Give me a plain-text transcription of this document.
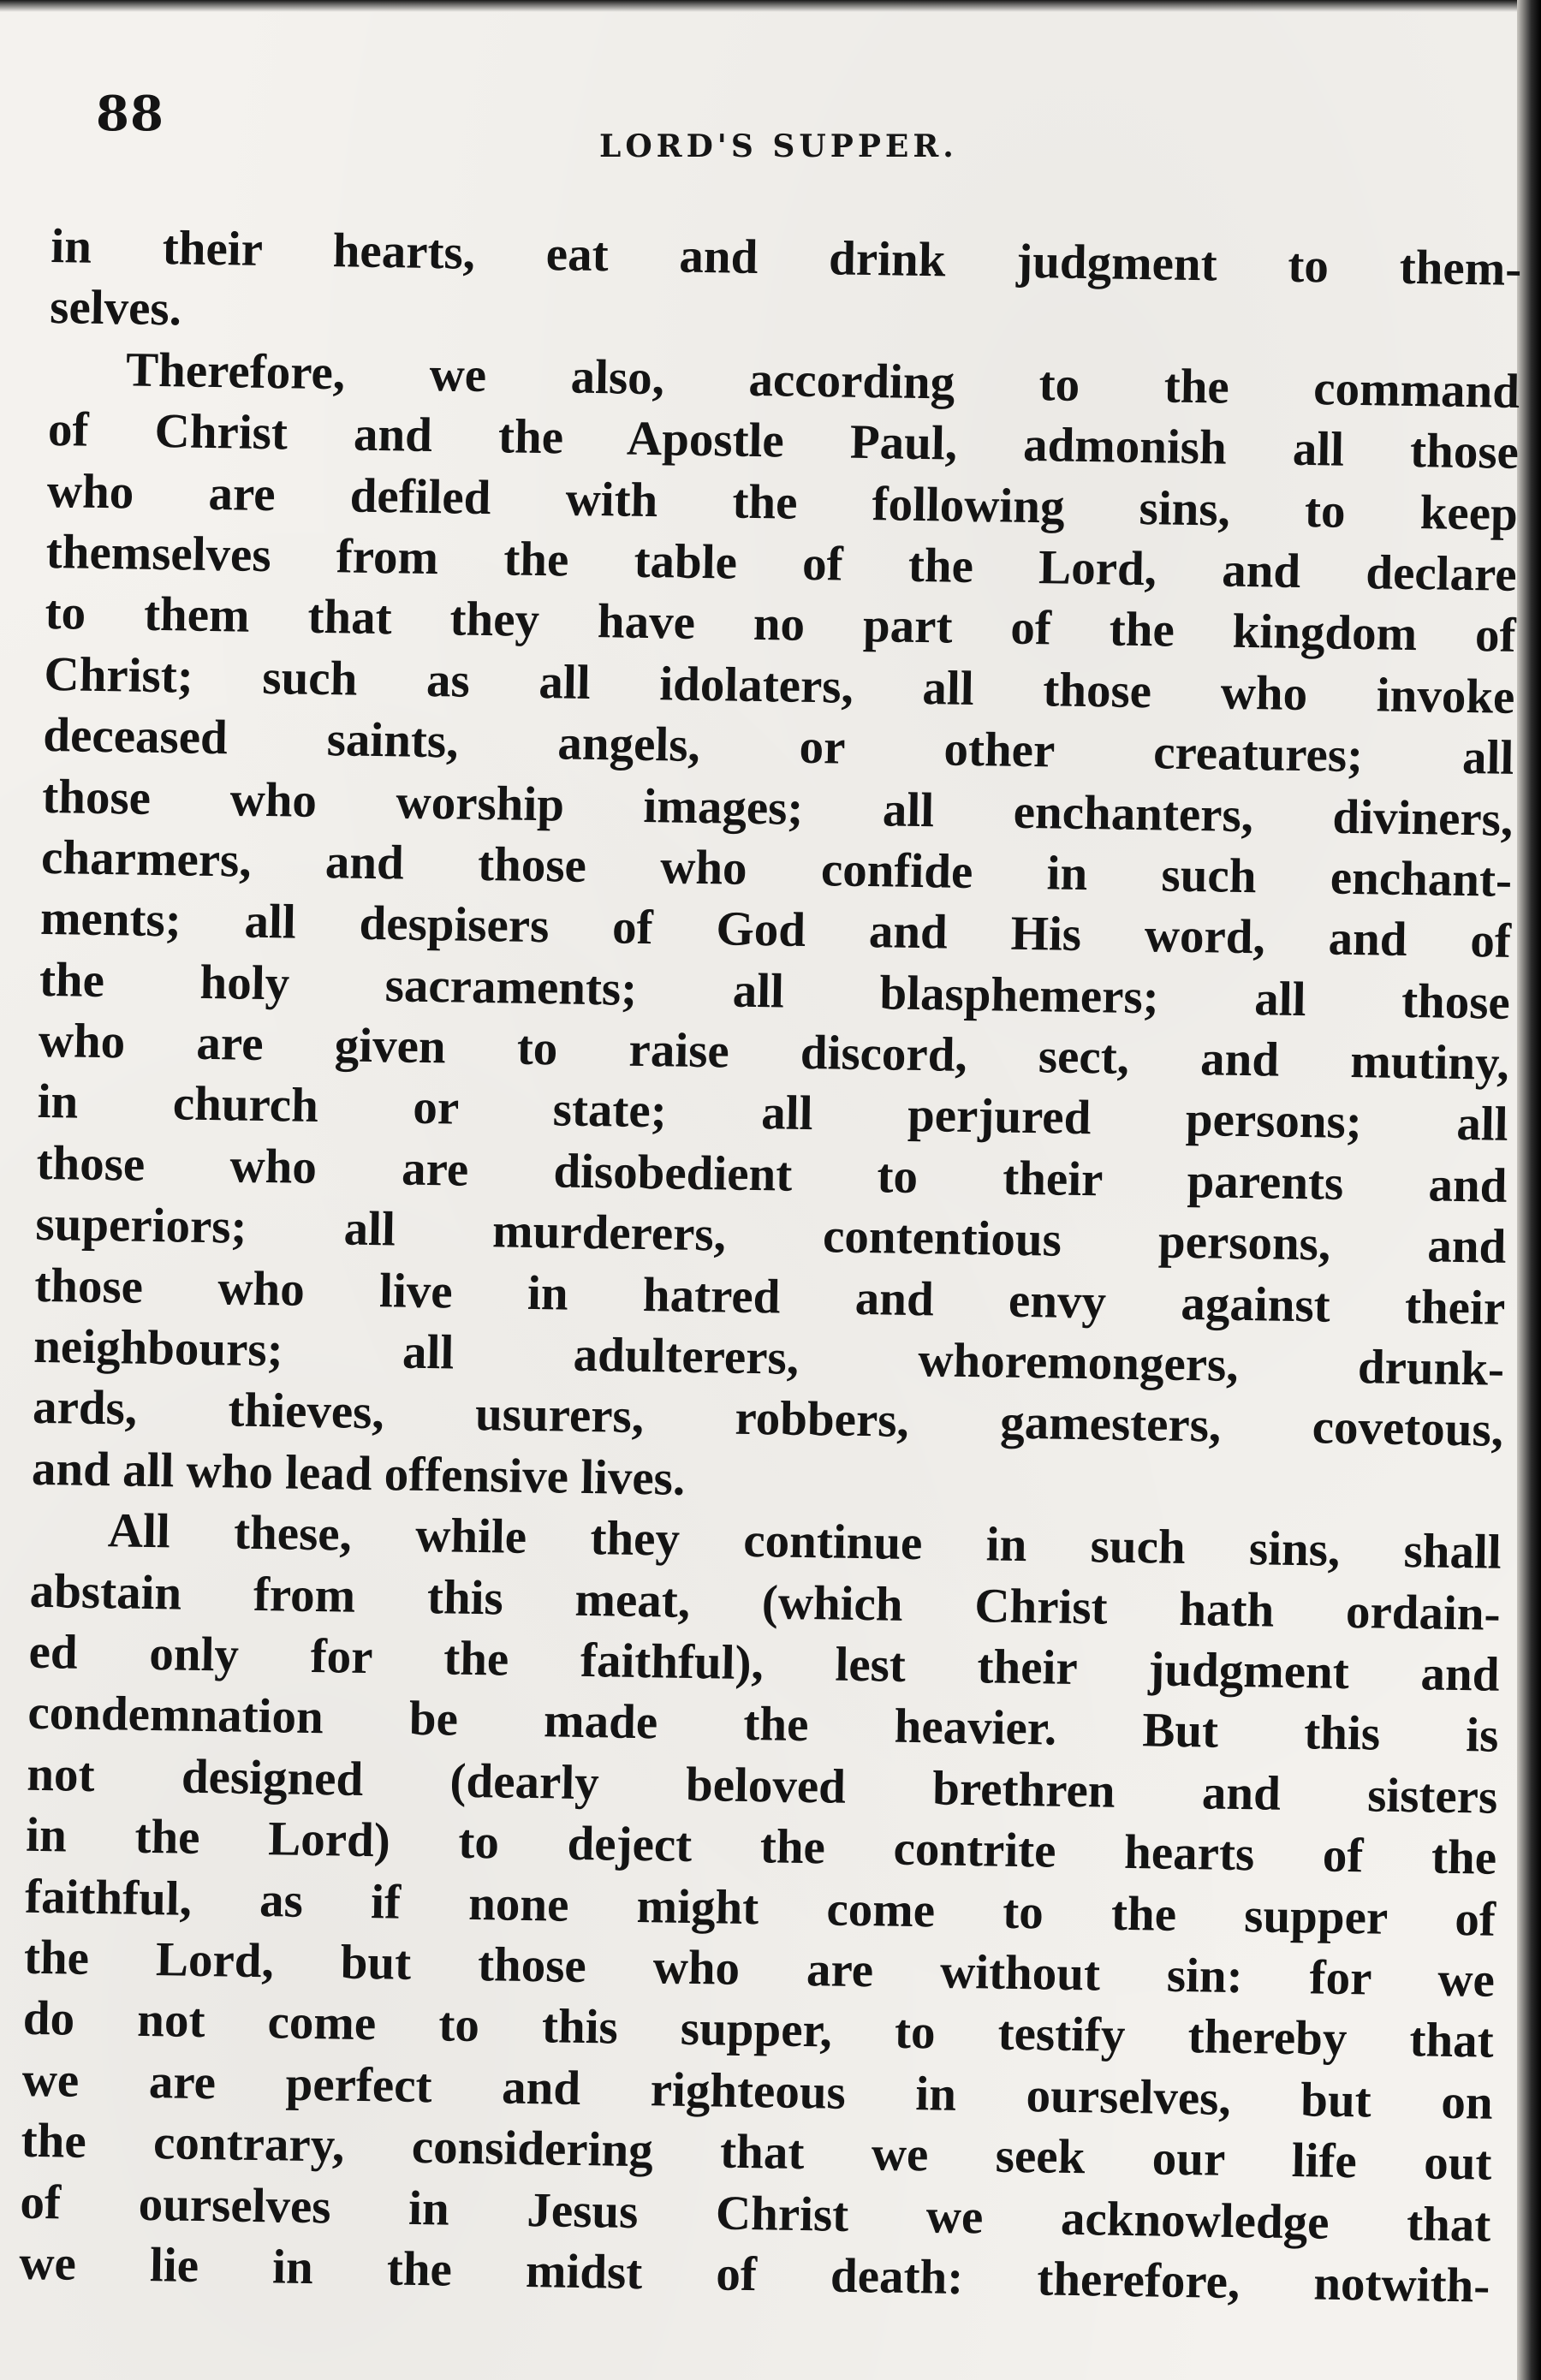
88
LORD'S SUPPER.
in their hearts, eat and drink judgment to them-
selves.
Therefore, we also, according to the command
of Christ and the Apostle Paul, admonish all those
who are defiled with the following sins, to keep
themselves from the table of the Lord, and declare
to them that they have no part of the kingdom of
Christ; such as all idolaters, all those who invoke
deceased saints, angels, or other creatures; all
those who worship images; all enchanters, diviners,
charmers, and those who confide in such enchant-
ments; all despisers of God and His word, and of
the holy sacraments; all blasphemers; all those
who are given to raise discord, sect, and mutiny,
in church or state; all perjured persons; all
those who are disobedient to their parents and
superiors; all murderers, contentious persons, and
those who live in hatred and envy against their
neighbours; all adulterers, whoremongers, drunk-
ards, thieves, usurers, robbers, gamesters, covetous,
and all who lead offensive lives.
All these, while they continue in such sins, shall
abstain from this meat, (which Christ hath ordain-
ed only for the faithful), lest their judgment and
condemnation be made the heavier. But this is
not designed (dearly beloved brethren and sisters
in the Lord) to deject the contrite hearts of the
faithful, as if none might come to the supper of
the Lord, but those who are without sin: for we
do not come to this supper, to testify thereby that
we are perfect and righteous in ourselves, but on
the contrary, considering that we seek our life out
of ourselves in Jesus Christ we acknowledge that
we lie in the midst of death: therefore, notwith-
